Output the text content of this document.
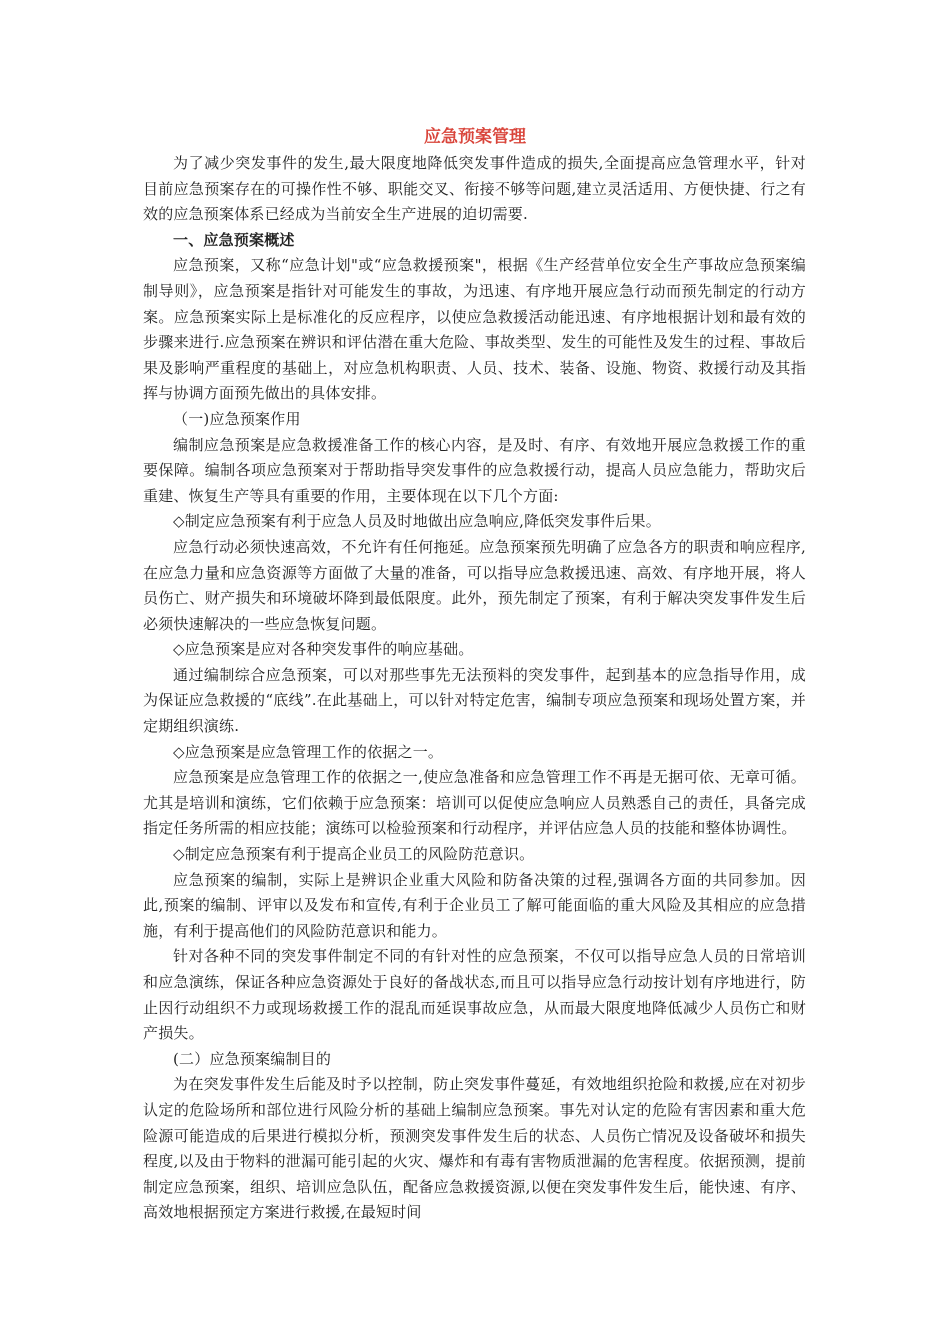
应急预案管理

为了减少突发事件的发生,最大限度地降低突发事件造成的损失,全面提高应急管理水平，针对目前应急预案存在的可操作性不够、职能交叉、衔接不够等问题,建立灵活适用、方便快捷、行之有效的应急预案体系已经成为当前安全生产进展的迫切需要.

一、应急预案概述

应急预案，又称“应急计划"或“应急救援预案"，根据《生产经营单位安全生产事故应急预案编制导则》，应急预案是指针对可能发生的事故，为迅速、有序地开展应急行动而预先制定的行动方案。应急预案实际上是标准化的反应程序，以使应急救援活动能迅速、有序地根据计划和最有效的步骤来进行.应急预案在辨识和评估潜在重大危险、事故类型、发生的可能性及发生的过程、事故后果及影响严重程度的基础上，对应急机构职责、人员、技术、装备、设施、物资、救援行动及其指挥与协调方面预先做出的具体安排。

（一)应急预案作用

编制应急预案是应急救援准备工作的核心内容，是及时、有序、有效地开展应急救援工作的重要保障。编制各项应急预案对于帮助指导突发事件的应急救援行动，提高人员应急能力，帮助灾后重建、恢复生产等具有重要的作用，主要体现在以下几个方面:

◇制定应急预案有利于应急人员及时地做出应急响应,降低突发事件后果。

应急行动必须快速高效，不允许有任何拖延。应急预案预先明确了应急各方的职责和响应程序,在应急力量和应急资源等方面做了大量的准备，可以指导应急救援迅速、高效、有序地开展，将人员伤亡、财产损失和环境破坏降到最低限度。此外，预先制定了预案，有利于解决突发事件发生后必须快速解决的一些应急恢复问题。

◇应急预案是应对各种突发事件的响应基础。

通过编制综合应急预案，可以对那些事先无法预料的突发事件，起到基本的应急指导作用，成为保证应急救援的“底线”.在此基础上，可以针对特定危害，编制专项应急预案和现场处置方案，并定期组织演练.

◇应急预案是应急管理工作的依据之一。

应急预案是应急管理工作的依据之一,使应急准备和应急管理工作不再是无据可依、无章可循。尤其是培训和演练，它们依赖于应急预案：培训可以促使应急响应人员熟悉自己的责任，具备完成指定任务所需的相应技能；演练可以检验预案和行动程序，并评估应急人员的技能和整体协调性。

◇制定应急预案有利于提高企业员工的风险防范意识。

应急预案的编制，实际上是辨识企业重大风险和防备决策的过程,强调各方面的共同参加。因此,预案的编制、评审以及发布和宣传,有利于企业员工了解可能面临的重大风险及其相应的应急措施，有利于提高他们的风险防范意识和能力。

针对各种不同的突发事件制定不同的有针对性的应急预案，不仅可以指导应急人员的日常培训和应急演练，保证各种应急资源处于良好的备战状态,而且可以指导应急行动按计划有序地进行，防止因行动组织不力或现场救援工作的混乱而延误事故应急，从而最大限度地降低减少人员伤亡和财产损失。

(二）应急预案编制目的

为在突发事件发生后能及时予以控制，防止突发事件蔓延，有效地组织抢险和救援,应在对初步认定的危险场所和部位进行风险分析的基础上编制应急预案。事先对认定的危险有害因素和重大危险源可能造成的后果进行模拟分析，预测突发事件发生后的状态、人员伤亡情况及设备破坏和损失程度,以及由于物料的泄漏可能引起的火灾、爆炸和有毒有害物质泄漏的危害程度。依据预测，提前制定应急预案，组织、培训应急队伍，配备应急救援资源,以便在突发事件发生后，能快速、有序、高效地根据预定方案进行救援,在最短时间
